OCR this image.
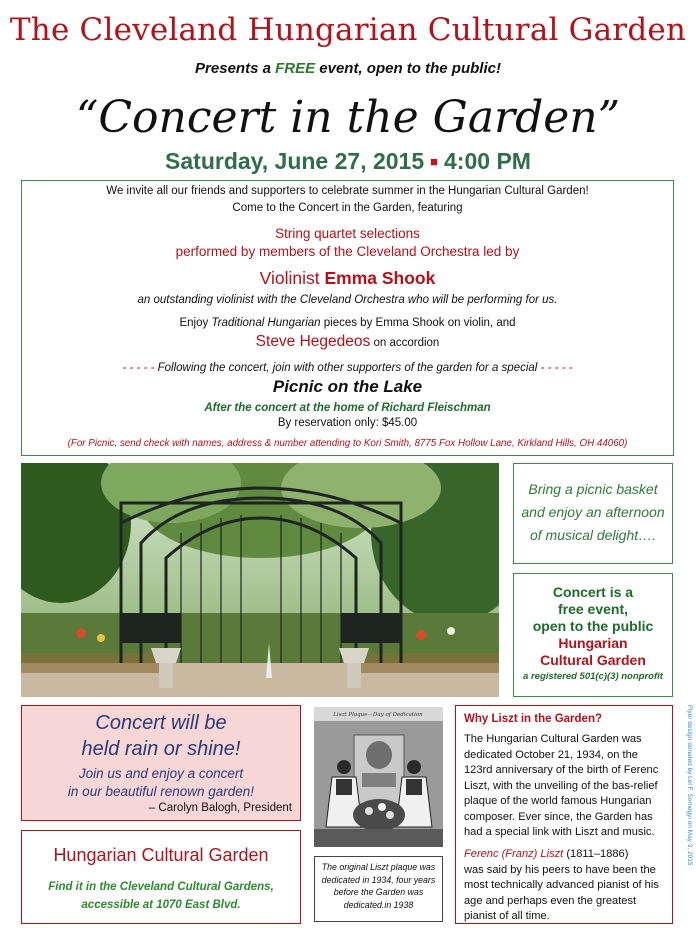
The Cleveland Hungarian Cultural Garden
Presents a FREE event, open to the public!
“Concert in the Garden”
Saturday, June 27, 2015 ■ 4:00 PM
We invite all our friends and supporters to celebrate summer in the Hungarian Cultural Garden!
Come to the Concert in the Garden, featuring
String quartet selections
performed by members of the Cleveland Orchestra led by
Violinist Emma Shook
an outstanding violinist with the Cleveland Orchestra who will be performing for us.
Enjoy Traditional Hungarian pieces by Emma Shook on violin, and
Steve Hegedeos on accordion
- - - - - Following the concert, join with other supporters of the garden for a special - - - - -
Picnic on the Lake
After the concert at the home of Richard Fleischman
By reservation only: $45.00
(For Picnic, send check with names, address & number attending to Kori Smith, 8775 Fox Hollow Lane, Kirkland Hills, OH 44060)
Bring a picnic basket
and enjoy an afternoon
of musical delight….
Concert is a
free event,
open to the public
Hungarian
Cultural Garden
a registered 501(c)(3) nonprofit
Concert will be
held rain or shine!
Join us and enjoy a concert
in our beautiful renown garden!
– Carolyn Balogh, President
Hungarian Cultural Garden
Find it in the Cleveland Cultural Gardens,
accessible at 1070 East Blvd.
Liszt Plaque—Day of Dedication
The original Liszt plaque was dedicated in 1934, four years before the Garden was dedicated.in 1938
Why Liszt in the Garden?
The Hungarian Cultural Garden was dedicated October 21, 1934, on the 123rd anniversary of the birth of Ferenc Liszt, with the unveiling of the bas-relief plaque of the world famous Hungarian composer. Ever since, the Garden has had a special link with Liszt and music.
Ferenc (Franz) Liszt (1811–1886)
was said by his peers to have been the most technically advanced pianist of his age and perhaps even the greatest pianist of all time.
Flyer design donated by Lel F. Somogyi on May 3, 2015
